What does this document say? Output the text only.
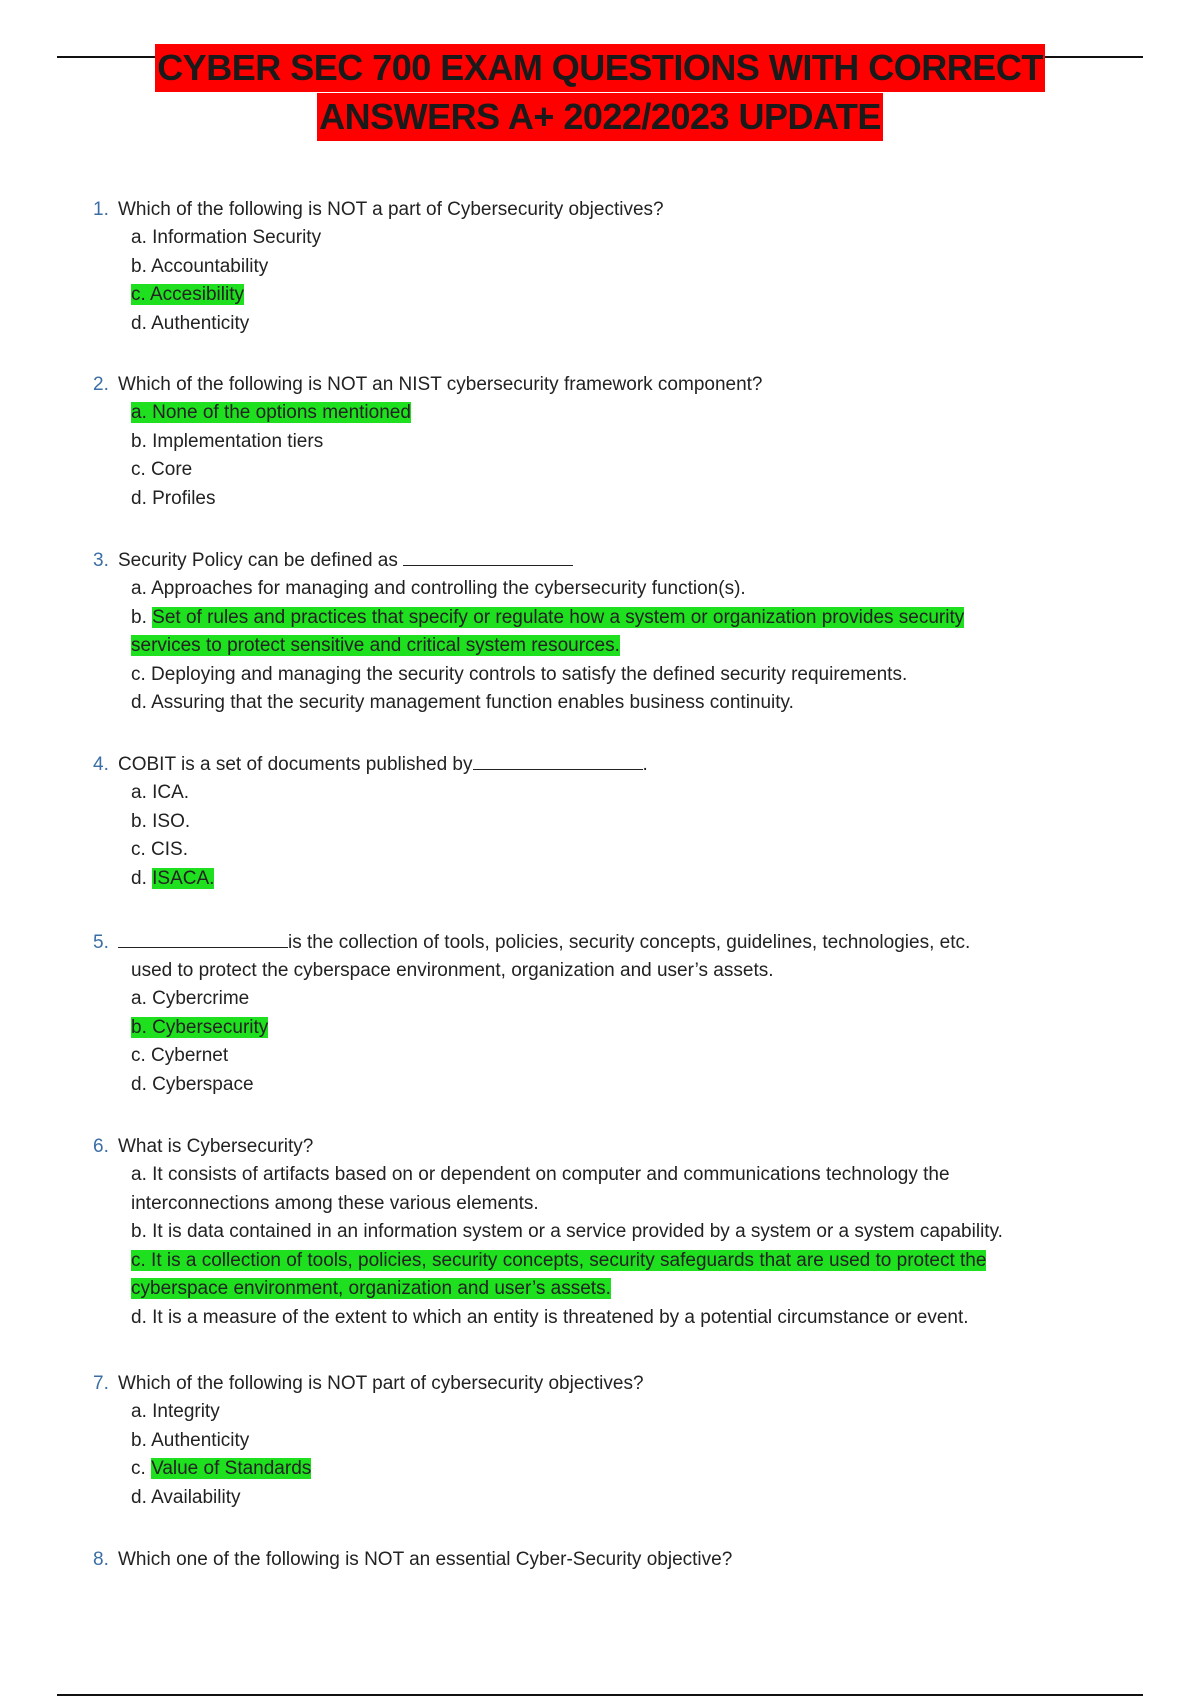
CYBER SEC 700 EXAM QUESTIONS WITH CORRECT
ANSWERS A+ 2022/2023 UPDATE
1. Which of the following is NOT a part of Cybersecurity objectives?
a. Information Security
b. Accountability
c. Accesibility
d. Authenticity
2. Which of the following is NOT an NIST cybersecurity framework component?
a. None of the options mentioned
b. Implementation tiers
c. Core
d. Profiles
3. Security Policy can be defined as
a. Approaches for managing and controlling the cybersecurity function(s).
b. Set of rules and practices that specify or regulate how a system or organization provides security
services to protect sensitive and critical system resources.
c. Deploying and managing the security controls to satisfy the defined security requirements.
d. Assuring that the security management function enables business continuity.
4. COBIT is a set of documents published by	.
a. ICA.
b. ISO.
c. CIS.
d. ISACA.
5.	is the collection of tools, policies, security concepts, guidelines, technologies, etc.
used to protect the cyberspace environment, organization and user’s assets.
a. Cybercrime
b. Cybersecurity
c. Cybernet
d. Cyberspace
6. What is Cybersecurity?
a. It consists of artifacts based on or dependent on computer and communications technology the
interconnections among these various elements.
b. It is data contained in an information system or a service provided by a system or a system capability.
c. It is a collection of tools, policies, security concepts, security safeguards that are used to protect the
cyberspace environment, organization and user’s assets.
d. It is a measure of the extent to which an entity is threatened by a potential circumstance or event.
7. Which of the following is NOT part of cybersecurity objectives?
a. Integrity
b. Authenticity
c. Value of Standards
d. Availability
8. Which one of the following is NOT an essential Cyber-Security objective?
